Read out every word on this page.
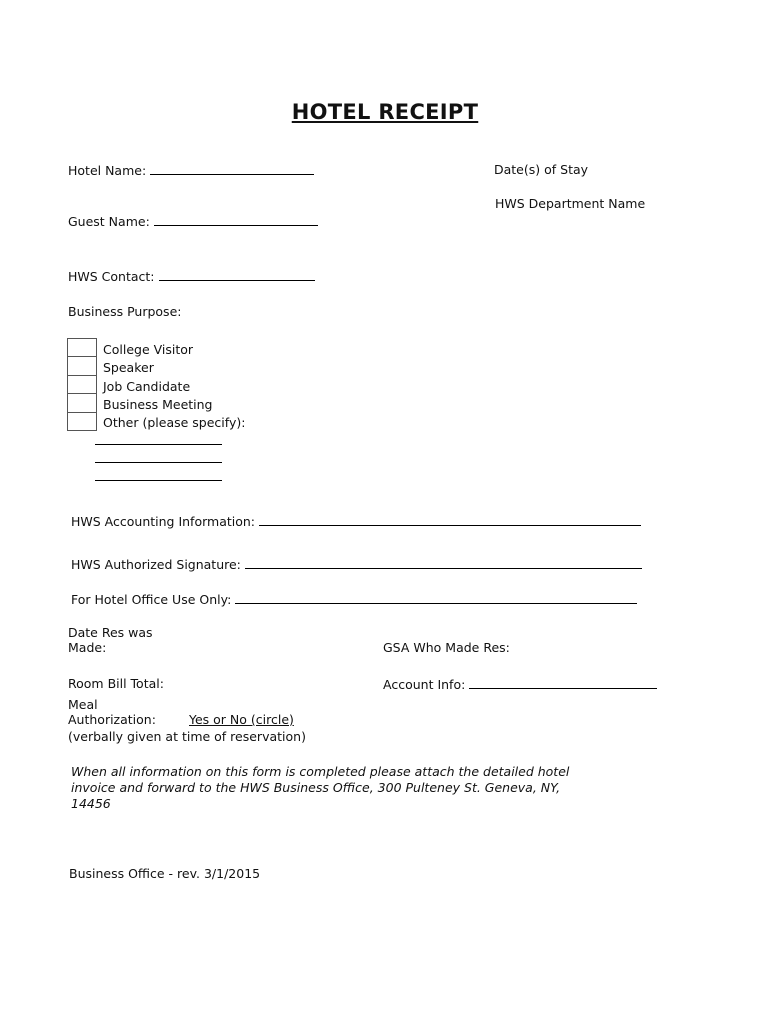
HOTEL RECEIPT
Hotel Name:	Date(s) of Stay
HWS Department Name
Guest Name:
HWS Contact:
Business Purpose:
College Visitor
Speaker
Job Candidate
Business Meeting
Other (please specify):
HWS Accounting Information:
HWS Authorized Signature:
For Hotel Office Use Only:
Date Res was
Made:	GSA Who Made Res:
Room Bill Total:	Account Info:
Meal
Authorization:	Yes or No (circle)
(verbally given at time of reservation)
When all information on this form is completed please attach the detailed hotel
invoice and forward to the HWS Business Office, 300 Pulteney St. Geneva, NY,
14456
Business Office - rev. 3/1/2015
